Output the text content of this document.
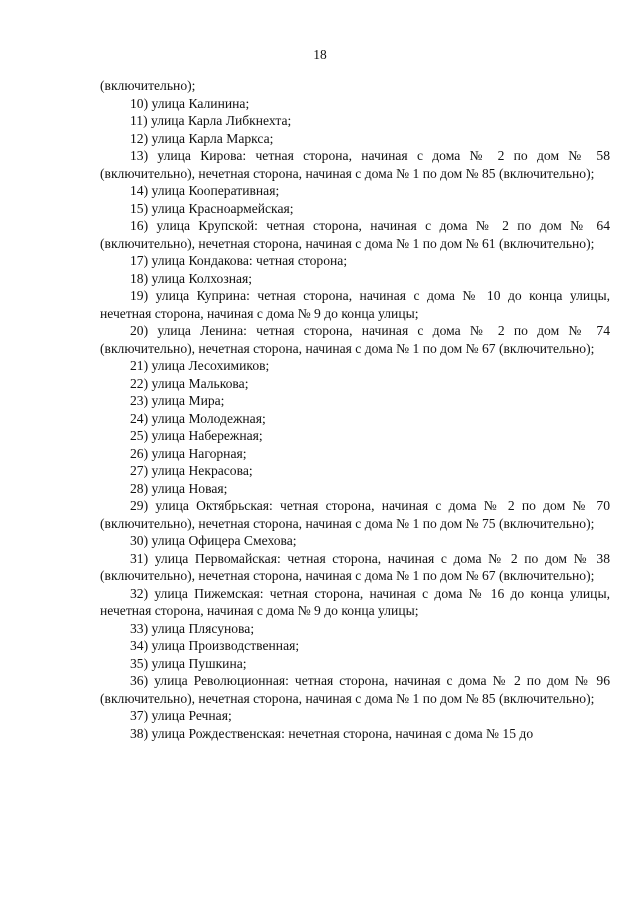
18

(включительно);

10) улица Калинина;

11) улица Карла Либкнехта;

12) улица Карла Маркса;

13) улица Кирова: четная сторона, начиная с дома № 2 по дом № 58 (включительно), нечетная сторона, начиная с дома № 1 по дом № 85 (включительно);

14) улица Кооперативная;

15) улица Красноармейская;

16) улица Крупской: четная сторона, начиная с дома № 2 по дом № 64 (включительно), нечетная сторона, начиная с дома № 1 по дом № 61 (включительно);

17) улица Кондакова: четная сторона;

18) улица Колхозная;

19) улица Куприна: четная сторона, начиная с дома № 10 до конца улицы, нечетная сторона, начиная с дома № 9 до конца улицы;

20) улица Ленина: четная сторона, начиная с дома № 2 по дом № 74 (включительно), нечетная сторона, начиная с дома № 1 по дом № 67 (включительно);

21) улица Лесохимиков;

22) улица Малькова;

23) улица Мира;

24) улица Молодежная;

25) улица Набережная;

26) улица Нагорная;

27) улица Некрасова;

28) улица Новая;

29) улица Октябрьская: четная сторона, начиная с дома № 2 по дом № 70 (включительно), нечетная сторона, начиная с дома № 1 по дом № 75 (включительно);

30) улица Офицера Смехова;

31) улица Первомайская: четная сторона, начиная с дома № 2 по дом № 38 (включительно), нечетная сторона, начиная с дома № 1 по дом № 67 (включительно);

32) улица Пижемская: четная сторона, начиная с дома № 16 до конца улицы, нечетная сторона, начиная с дома № 9 до конца улицы;

33) улица Плясунова;

34) улица Производственная;

35) улица Пушкина;

36) улица Революционная: четная сторона, начиная с дома № 2 по дом № 96 (включительно), нечетная сторона, начиная с дома № 1 по дом № 85 (включительно);

37) улица Речная;

38) улица Рождественская: нечетная сторона, начиная с дома № 15 до
